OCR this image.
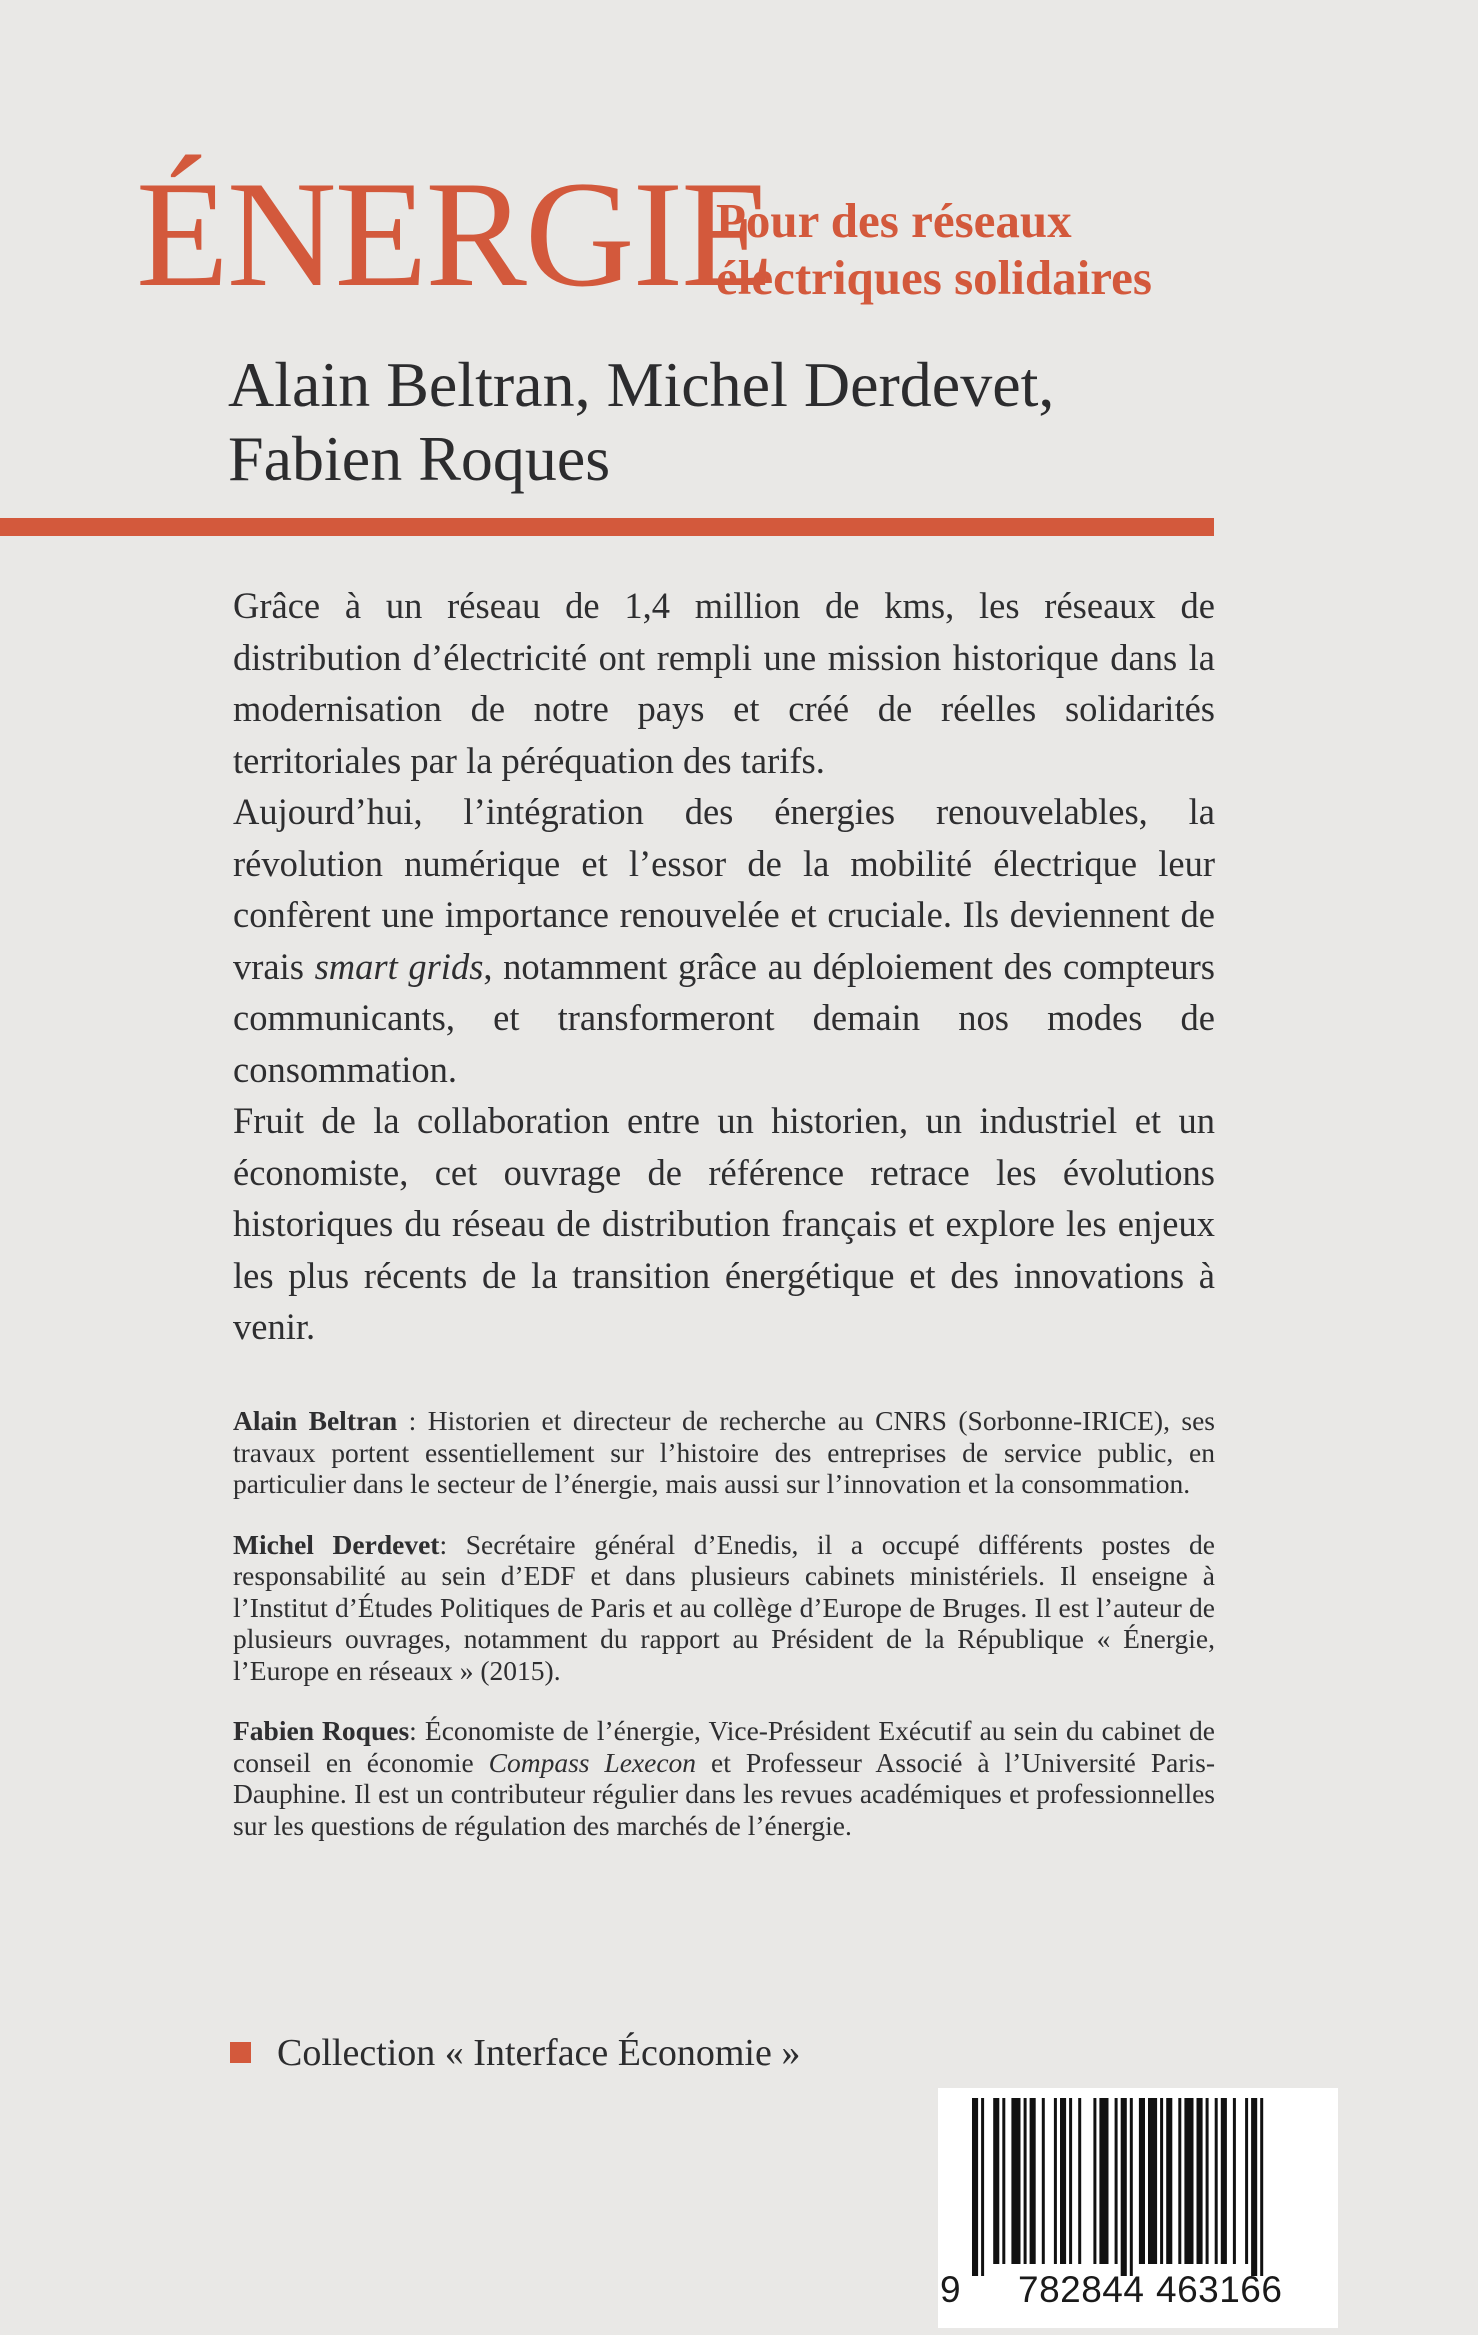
ÉNERGIE
Pour des réseaux
électriques solidaires
Alain Beltran, Michel Derdevet,
Fabien Roques

Grâce à un réseau de 1,4 million de kms, les réseaux de distribution d’électricité ont rempli une mission historique dans la modernisation de notre pays et créé de réelles solidarités territoriales par la péréquation des tarifs.

Aujourd’hui, l’intégration des énergies renouvelables, la révolution numérique et l’essor de la mobilité électrique leur confèrent une importance renouvelée et cruciale. Ils deviennent de vrais smart grids, notamment grâce au déploiement des compteurs communicants, et transformeront demain nos modes de consommation.

Fruit de la collaboration entre un historien, un industriel et un économiste, cet ouvrage de référence retrace les évolutions historiques du réseau de distribution français et explore les enjeux les plus récents de la transition énergétique et des innovations à venir.

Alain Beltran : Historien et directeur de recherche au CNRS (Sorbonne-IRICE), ses travaux portent essentiellement sur l’histoire des entreprises de service public, en particulier dans le secteur de l’énergie, mais aussi sur l’innovation et la consommation.

Michel Derdevet: Secrétaire général d’Enedis, il a occupé différents postes de responsabilité au sein d’EDF et dans plusieurs cabinets ministériels. Il enseigne à l’Institut d’Études Politiques de Paris et au collège d’Europe de Bruges. Il est l’auteur de plusieurs ouvrages, notamment du rapport au Président de la République « Énergie, l’Europe en réseaux » (2015).

Fabien Roques: Économiste de l’énergie, Vice-Président Exécutif au sein du cabinet de conseil en économie Compass Lexecon et Professeur Associé à l’Université Paris-Dauphine. Il est un contributeur régulier dans les revues académiques et professionnelles sur les questions de régulation des marchés de l’énergie.

Collection « Interface Économie »
9 782844 463166
